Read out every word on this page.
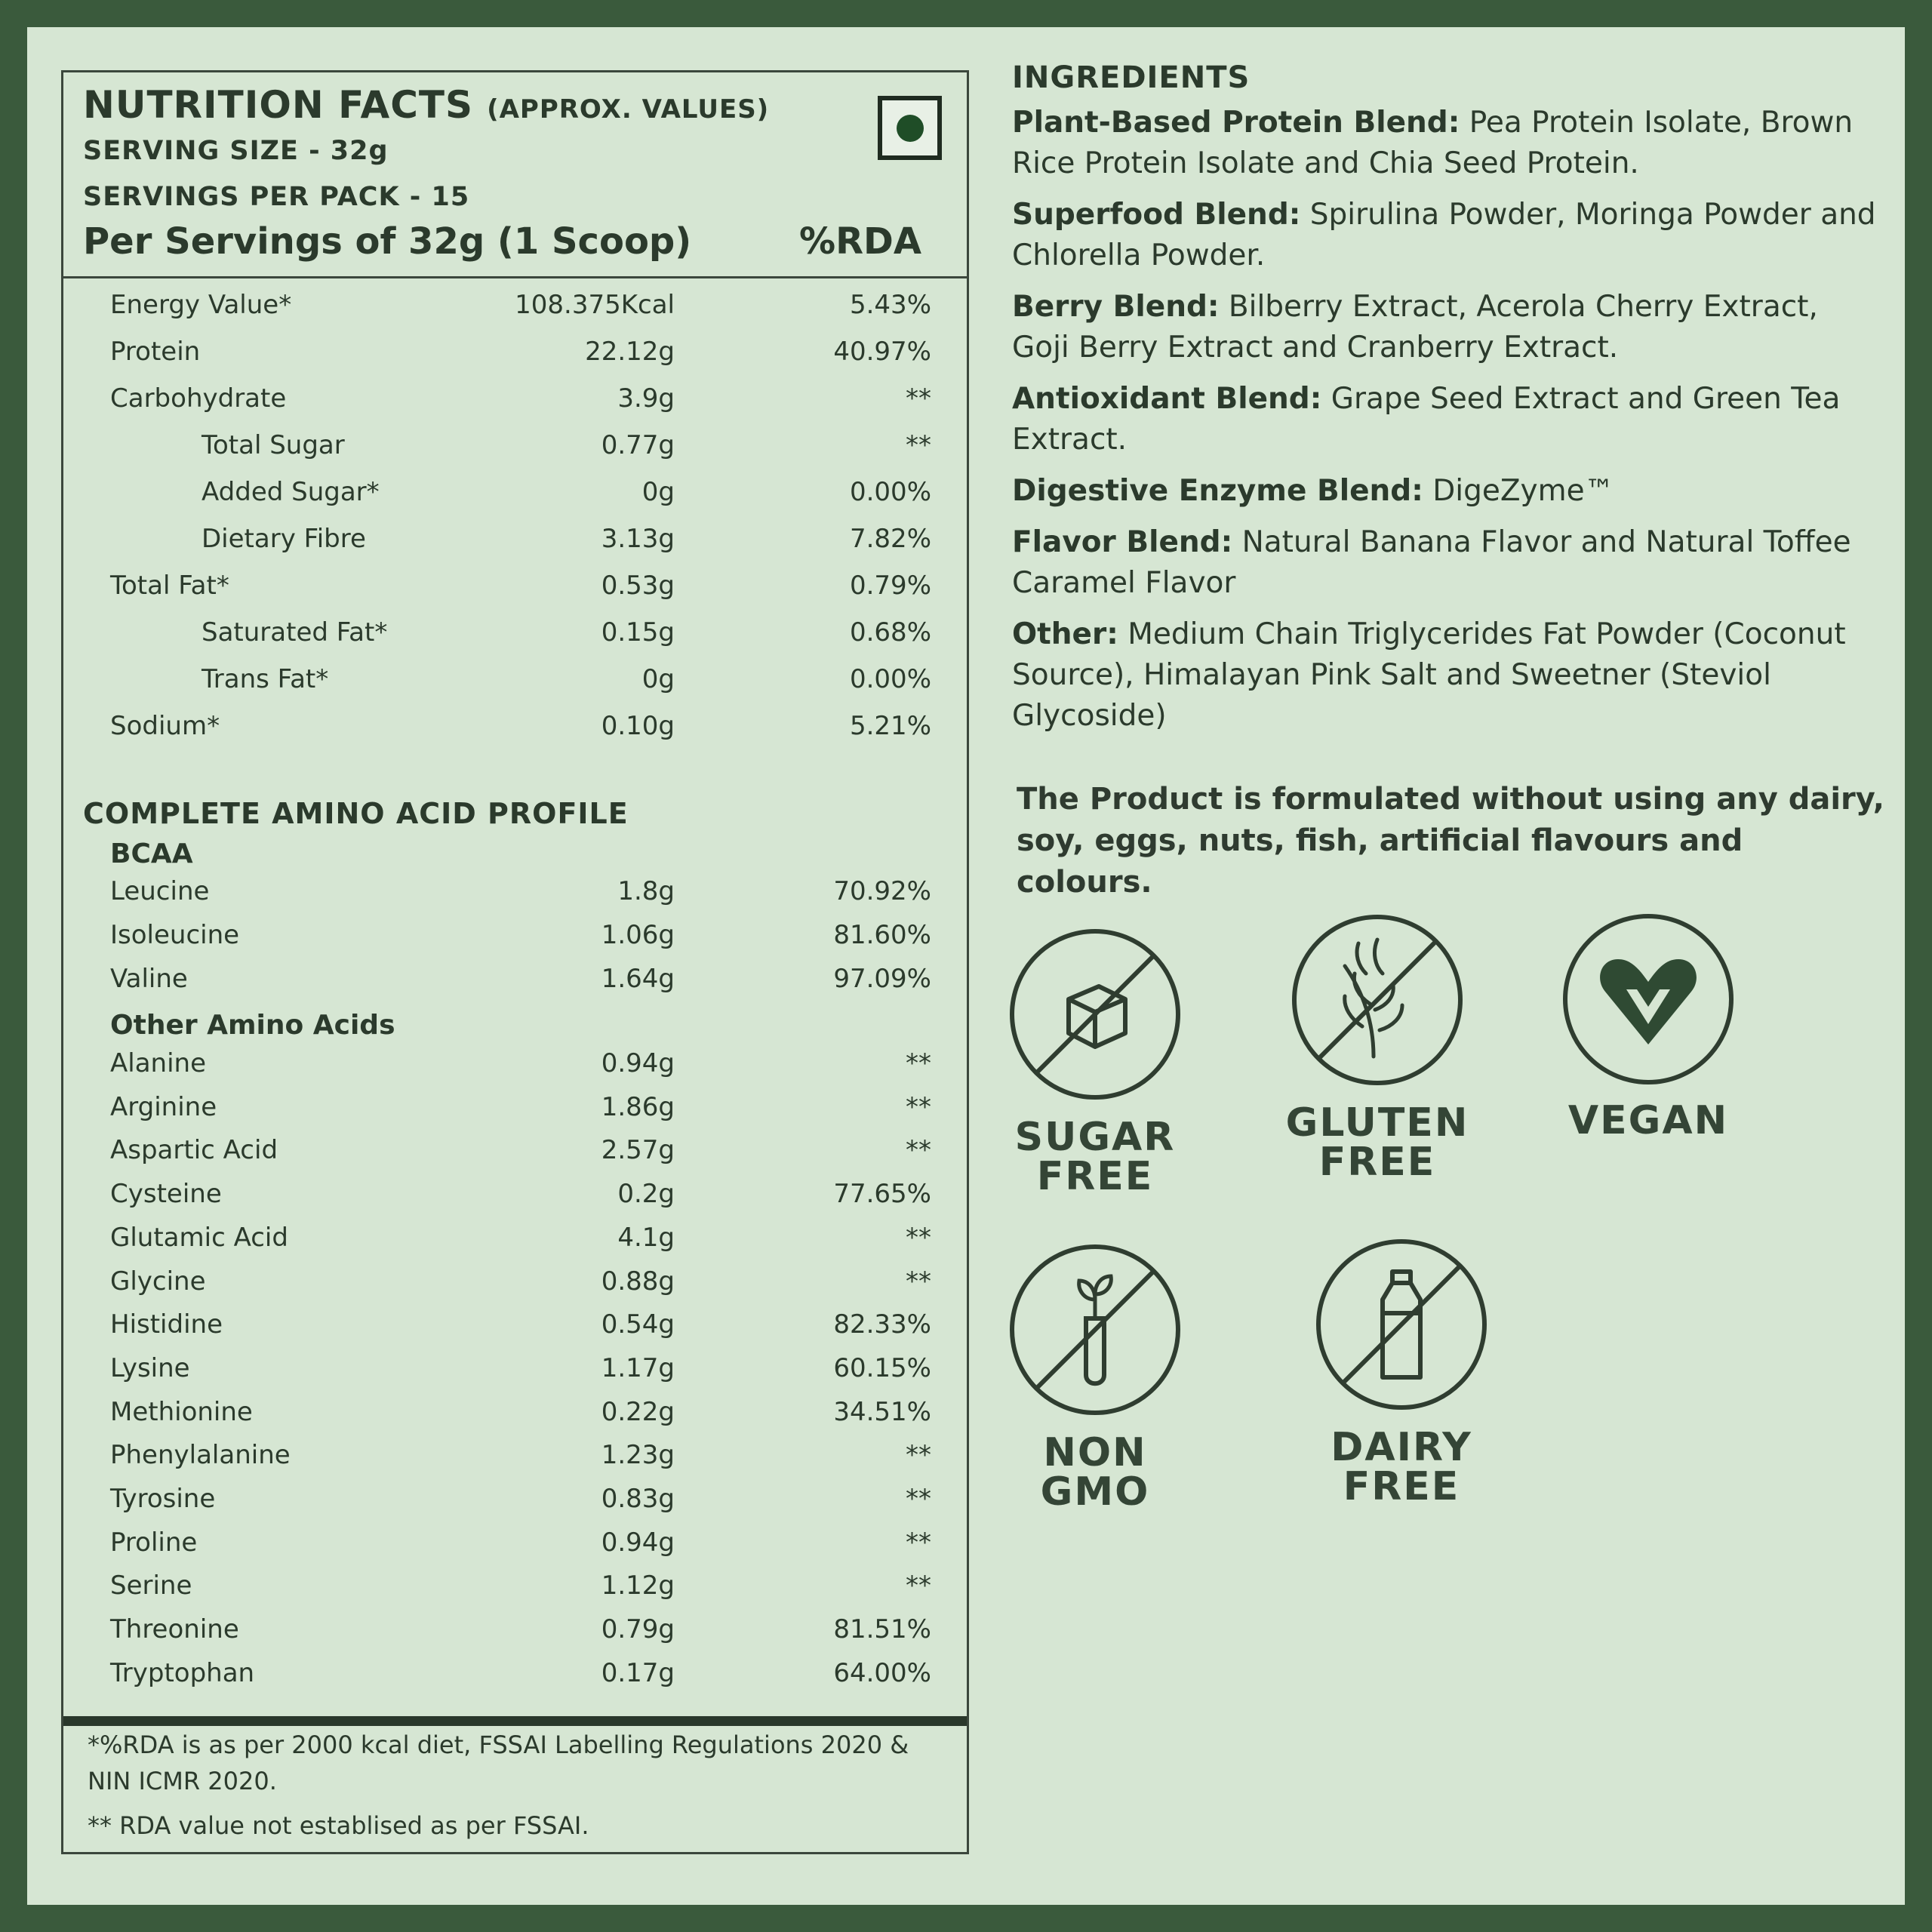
NUTRITION FACTS (APPROX. VALUES)
SERVING SIZE - 32g
SERVINGS PER PACK - 15
Per Servings of 32g (1 Scoop)	%RDA
Energy Value*	108.375Kcal	5.43%
Protein	22.12g	40.97%
Carbohydrate	3.9g	**
Total Sugar	0.77g	**
Added Sugar*	0g	0.00%
Dietary Fibre	3.13g	7.82%
Total Fat*	0.53g	0.79%
Saturated Fat*	0.15g	0.68%
Trans Fat*	0g	0.00%
Sodium*	0.10g	5.21%
COMPLETE AMINO ACID PROFILE
BCAA
Leucine	1.8g	70.92%
Isoleucine	1.06g	81.60%
Valine	1.64g	97.09%
Other Amino Acids
Alanine	0.94g	**
Arginine	1.86g	**
Aspartic Acid	2.57g	**
Cysteine	0.2g	77.65%
Glutamic Acid	4.1g	**
Glycine	0.88g	**
Histidine	0.54g	82.33%
Lysine	1.17g	60.15%
Methionine	0.22g	34.51%
Phenylalanine	1.23g	**
Tyrosine	0.83g	**
Proline	0.94g	**
Serine	1.12g	**
Threonine	0.79g	81.51%
Tryptophan	0.17g	64.00%
*%RDA is as per 2000 kcal diet, FSSAI Labelling Regulations 2020 & NIN ICMR 2020.
** RDA value not establised as per FSSAI.
INGREDIENTS

Plant-Based Protein Blend: Pea Protein Isolate, Brown Rice Protein Isolate and Chia Seed Protein.

Superfood Blend: Spirulina Powder, Moringa Powder and Chlorella Powder.

Berry Blend: Bilberry Extract, Acerola Cherry Extract, Goji Berry Extract and Cranberry Extract.

Antioxidant Blend: Grape Seed Extract and Green Tea Extract.

Digestive Enzyme Blend: DigeZyme™

Flavor Blend: Natural Banana Flavor and Natural Toffee Caramel Flavor

Other: Medium Chain Triglycerides Fat Powder (Coconut Source), Himalayan Pink Salt and Sweetner (Steviol Glycoside)

The Product is formulated without using any dairy, soy, eggs, nuts, fish, artificial flavours and colours.
SUGAR
FREE
GLUTEN
FREE
VEGAN
NON
GMO
DAIRY
FREE
